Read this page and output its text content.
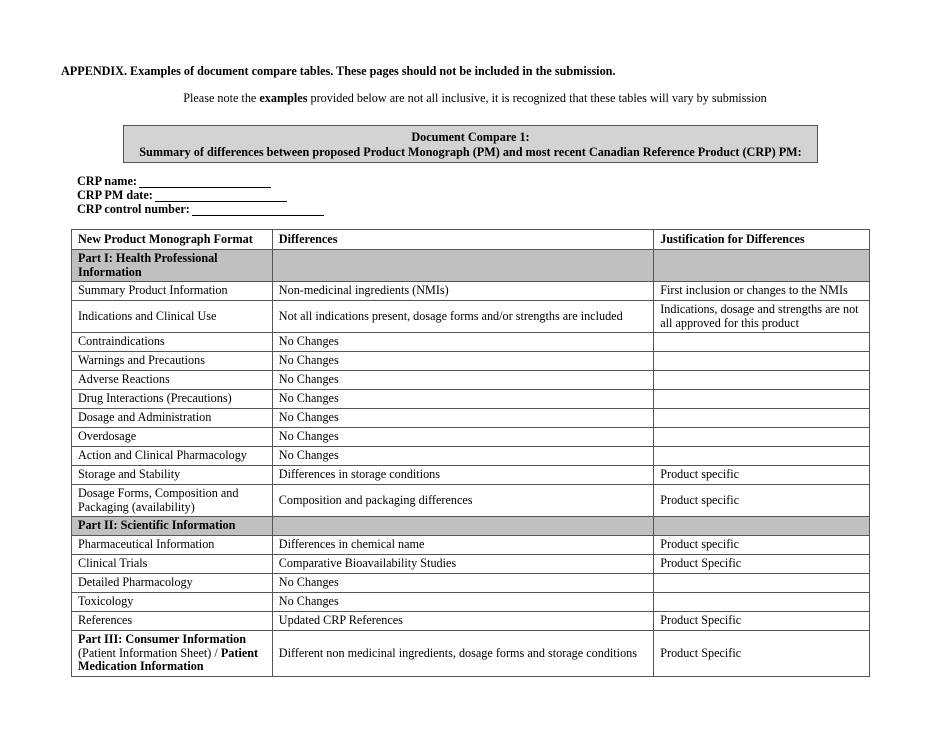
APPENDIX. Examples of document compare tables. These pages should not be included in the submission.
Please note the examples provided below are not all inclusive, it is recognized that these tables will vary by submission
Document Compare 1:
Summary of differences between proposed Product Monograph (PM) and most recent Canadian Reference Product (CRP) PM:
CRP name:
CRP PM date:
CRP control number:
New Product Monograph Format	Differences	Justification for Differences
Part I: Health Professional Information		
Summary Product Information	Non-medicinal ingredients (NMIs)	First inclusion or changes to the NMIs
Indications and Clinical Use	Not all indications present, dosage forms and/or strengths are included	Indications, dosage and strengths are not all approved for this product
Contraindications	No Changes	
Warnings and Precautions	No Changes	
Adverse Reactions	No Changes	
Drug Interactions (Precautions)	No Changes	
Dosage and Administration	No Changes	
Overdosage	No Changes	
Action and Clinical Pharmacology	No Changes	
Storage and Stability	Differences in storage conditions	Product specific
Dosage Forms, Composition and Packaging (availability)	Composition and packaging differences	Product specific
Part II: Scientific Information		
Pharmaceutical Information	Differences in chemical name	Product specific
Clinical Trials	Comparative Bioavailability Studies	Product Specific
Detailed Pharmacology	No Changes	
Toxicology	No Changes	
References	Updated CRP References	Product Specific
Part III: Consumer Information
(Patient Information Sheet) / Patient Medication Information	Different non medicinal ingredients, dosage forms and storage conditions	Product Specific
